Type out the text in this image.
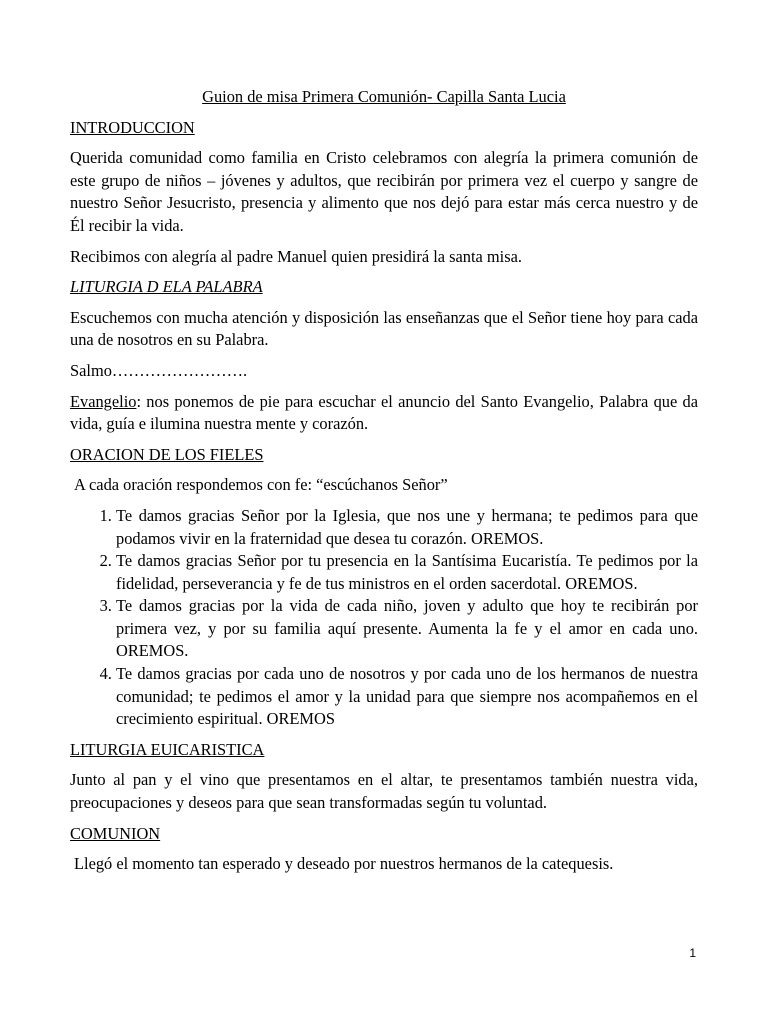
Guion de misa Primera Comunión- Capilla Santa Lucia
INTRODUCCION

Querida comunidad como familia en Cristo celebramos con alegría la primera comunión de este grupo de niños – jóvenes y adultos, que recibirán por primera vez el cuerpo y sangre de nuestro Señor Jesucristo, presencia y alimento que nos dejó para estar más cerca nuestro y de Él recibir la vida.

Recibimos con alegría al padre Manuel quien presidirá la santa misa.

LITURGIA D ELA PALABRA

Escuchemos con mucha atención y disposición las enseñanzas que el Señor tiene hoy para cada una de nosotros en su Palabra.

Salmo…………………….

Evangelio: nos ponemos de pie para escuchar el anuncio del Santo Evangelio, Palabra que da vida, guía e ilumina nuestra mente y corazón.

ORACION DE LOS FIELES

A cada oración respondemos con fe: “escúchanos Señor”

1. Te damos gracias Señor por la Iglesia, que nos une y hermana; te pedimos para que podamos vivir en la fraternidad que desea tu corazón. OREMOS.
2. Te damos gracias Señor por tu presencia en la Santísima Eucaristía. Te pedimos por la fidelidad, perseverancia y fe de tus ministros en el orden sacerdotal. OREMOS.
3. Te damos gracias por la vida de cada niño, joven y adulto que hoy te recibirán por primera vez, y por su familia aquí presente. Aumenta la fe y el amor en cada uno. OREMOS.
4. Te damos gracias por cada uno de nosotros y por cada uno de los hermanos de nuestra comunidad; te pedimos el amor y la unidad para que siempre nos acompañemos en el crecimiento espiritual. OREMOS
LITURGIA EUICARISTICA

Junto al pan y el vino que presentamos en el altar, te presentamos también nuestra vida, preocupaciones y deseos para que sean transformadas según tu voluntad.

COMUNION

Llegó el momento tan esperado y deseado por nuestros hermanos de la catequesis.

1
